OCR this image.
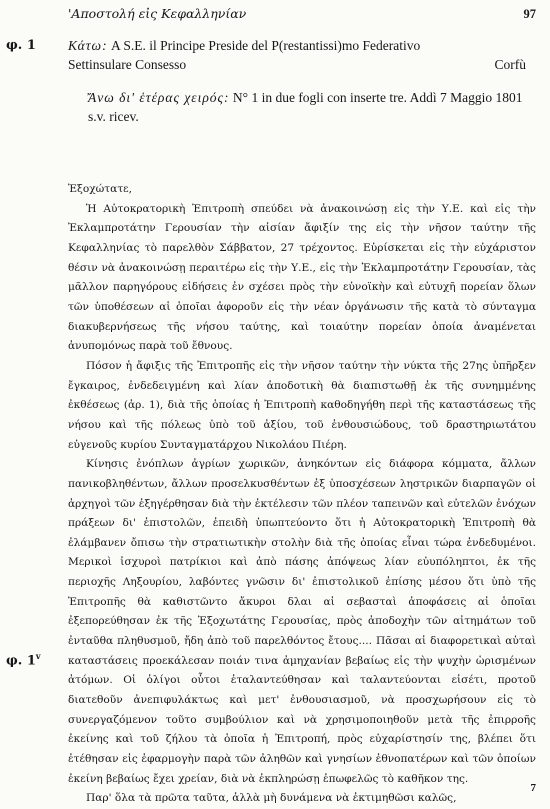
'Αποστολή εἰς Κεφαλληνίαν	97
φ. 1 Κάτω: A S.E. il Principe Preside del P(restantissi)mo Federativo
Settinsulare Consesso	Corfù
Ἄνω δι' ἑτέρας χειρός: N° 1 in due fogli con inserte tre. Addì 7 Maggio 1801 s.v. ricev.

Ἐξοχώτατε,

Ἡ Αὐτοκρατορικὴ Ἐπιτροπὴ σπεύδει νὰ ἀνακοινώσῃ εἰς τὴν Υ.Ε. καὶ εἰς τὴν Ἐκλαμπροτάτην Γερουσίαν τὴν αἰσίαν ἄφιξίν της εἰς τὴν νῆσον ταύτην τῆς Κεφαλληνίας τὸ παρελθὸν Σάββατον, 27 τρέχοντος. Εὑρίσκεται εἰς τὴν εὐχάριστον θέσιν νὰ ἀνακοινώσῃ περαιτέρω εἰς τὴν Υ.Ε., εἰς τὴν Ἐκλαμπροτάτην Γερουσίαν, τὰς μᾶλλον παρηγόρους εἰδήσεις ἐν σχέσει πρὸς τὴν εὐνοϊκὴν καὶ εὐτυχῆ πορείαν ὅλων τῶν ὑποθέσεων αἱ ὁποῖαι ἀφοροῦν εἰς τὴν νέαν ὀργάνωσιν τῆς κατὰ τὸ σύνταγμα διακυβερνήσεως τῆς νήσου ταύτης, καὶ τοιαύτην πορείαν ὁποία ἀναμένεται ἀνυπομόνως παρὰ τοῦ ἔθνους.

Πόσον ἡ ἄφιξις τῆς Ἐπιτροπῆς εἰς τὴν νῆσον ταύτην τὴν νύκτα τῆς 27ης ὑπῆρξεν ἔγκαιρος, ἐνδεδειγμένη καὶ λίαν ἀποδοτικὴ θὰ διαπιστωθῇ ἐκ τῆς συνημμένης ἐκθέσεως (ἀρ. 1), διὰ τῆς ὁποίας ἡ Ἐπιτροπὴ καθοδηγήθη περὶ τῆς καταστάσεως τῆς νήσου καὶ τῆς πόλεως ὑπὸ τοῦ ἀξίου, τοῦ ἐνθουσιώδους, τοῦ δραστηριωτάτου εὐγενοῦς κυρίου Συνταγματάρχου Νικολάου Πιέρη.

Κίνησις ἐνόπλων ἀγρίων χωρικῶν, ἀνηκόντων εἰς διάφορα κόμματα, ἄλλων πανικοβληθέντων, ἄλλων προσελκυσθέντων ἐξ ὑποσχέσεων ληστρικῶν διαρπαγῶν οἱ ἀρχηγοὶ τῶν ἐξηγέρθησαν διὰ τὴν ἐκτέλεσιν τῶν πλέον ταπεινῶν καὶ εὐτελῶν ἐνόχων πράξεων δι' ἐπιστολῶν, ἐπειδὴ ὑπωπτεύοντο ὅτι ἡ Αὐτοκρατορικὴ Ἐπιτροπὴ θὰ ἐλάμβανεν ὄπισω τὴν στρατιωτικὴν στολὴν διὰ τῆς ὁποίας εἶναι τώρα ἐνδεδυμένοι. Μερικοὶ ἰσχυροὶ πατρίκιοι καὶ ἀπὸ πάσης ἀπόψεως λίαν εὐυπόληπτοι, ἐκ τῆς περιοχῆς Ληξουρίου, λαβόντες γνῶσιν δι' ἐπιστολικοῦ ἐπίσης μέσου ὅτι ὑπὸ τῆς Ἐπιτροπῆς θὰ καθιστῶντο ἄκυροι δλαι αἱ σεβασταὶ ἀποφάσεις αἱ ὁποῖαι ἐξεπορεύθησαν ἐκ τῆς Ἐξοχωτάτης Γερουσίας, πρὸς ἀποδοχὴν τῶν αἰτημάτων τοῦ ἐνταῦθα πληθυσμοῦ, ἤδη ἀπὸ τοῦ παρελθόντος ἔτους.... Πᾶσαι αἱ διαφορετικαὶ αὐταὶ καταστάσεις προεκάλεσαν ποιάν τινα ἀμηχανίαν βεβαίως εἰς τὴν ψυχὴν ὡρισμένων ἀτόμων. Οἱ ὀλίγοι οὗτοι ἐταλαντεύθησαν καὶ ταλαντεύονται εἰσέτι, προτοῦ διατεθοῦν ἀνεπιφυλάκτως καὶ μετ' ἐνθουσιασμοῦ, νὰ προσχωρήσουν εἰς τὸ συνεργαζόμενον τοῦτο συμβούλιον καὶ νὰ χρησιμοποιηθοῦν μετὰ τῆς ἐπιρροῆς ἐκείνης καὶ τοῦ ζήλου τὰ ὁποῖα ἡ Ἐπιτροπή, πρὸς εὐχαρίστησίν της, βλέπει ὅτι ἐτέθησαν εἰς ἐφαρμογὴν παρὰ τῶν ἀληθῶν καὶ γνησίων ἐθνοπατέρων καὶ τῶν ὁποίων ἐκείνη βεβαίως ἔχει χρείαν, διὰ νὰ ἐκπληρώσῃ ἐπωφελῶς τὸ καθῆκον της.

Παρ' ὅλα τὰ πρῶτα ταῦτα, ἀλλὰ μὴ δυνάμενα νὰ ἐκτιμηθῶσι καλῶς,

φ. 1$^v$
7
